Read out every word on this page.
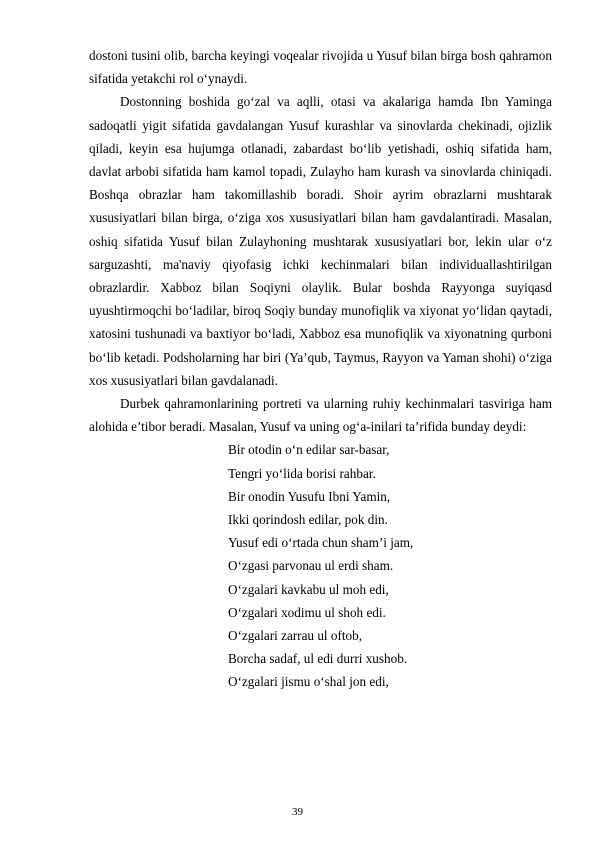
dostoni tusini olib, barcha keyingi voqealar rivojida u Yusuf bilan birga bosh qahramon sifatida yetakchi rol o‘ynaydi.

Dostonning boshida go‘zal va aqlli, otasi va akalariga hamda Ibn Yaminga sadoqatli yigit sifatida gavdalangan Yusuf kurashlar va sinovlarda chekinadi, ojizlik qiladi, keyin esa hujumga otlanadi, zabardast bo‘lib yetishadi, oshiq sifatida ham, davlat arbobi sifatida ham kamol topadi, Zulayho ham kurash va sinovlarda chiniqadi. Boshqa obrazlar ham takomillashib boradi. Shoir ayrim obrazlarni mushtarak xususiyatlari bilan birga, o‘ziga xos xususiyatlari bilan ham gavdalantiradi. Masalan, oshiq sifatida Yusuf bilan Zulayhoning mushtarak xususiyatlari bor, lekin ular o‘z sarguzashti, ma'naviy qiyofasig ichki kechinmalari bilan individuallashtirilgan obrazlardir. Xabboz bilan Soqiyni olaylik. Bular boshda Rayyonga suyiqasd uyushtirmoqchi bo‘ladilar, biroq Soqiy bunday munofiqlik va xiyonat yo‘lidan qaytadi, xatosini tushunadi va baxtiyor bo‘ladi, Xabboz esa munofiqlik va xiyonatning qurboni bo‘lib ketadi. Podsholarning har biri (Ya’qub, Taymus, Rayyon va Yaman shohi) o‘ziga xos xususiyatlari bilan gavdalanadi.

Durbek qahramonlarining portreti va ularning ruhiy kechinmalari tasviriga ham alohida e’tibor beradi. Masalan, Yusuf va uning og‘a-inilari ta’rifida bunday deydi:

Bir otodin o‘n edilar sar-basar,

Tengri yo‘lida borisi rahbar.

Bir onodin Yusufu Ibni Yamin,

Ikki qorindosh edilar, pok din.

Yusuf edi o‘rtada chun sham’i jam,

O‘zgasi parvonau ul erdi sham.

O‘zgalari kavkabu ul moh edi,

O‘zgalari xodimu ul shoh edi.

O‘zgalari zarrau ul oftob,

Borcha sadaf, ul edi durri xushob.

O‘zgalari jismu o‘shal jon edi,

39
